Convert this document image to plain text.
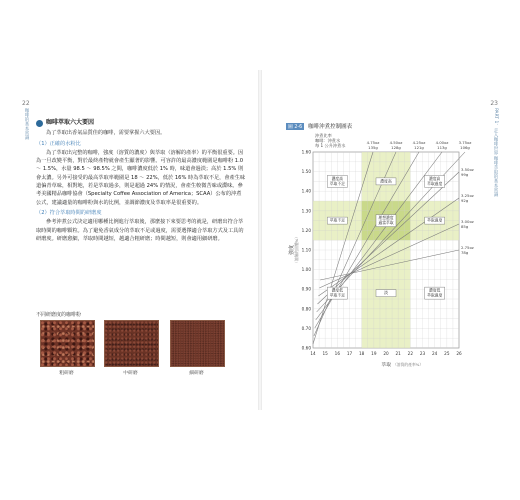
22
咖啡的基本常識	咖啡萃取六大要因

為了萃取出香氣品質佳的咖啡，需要掌握六大要因。

（1）正確的水粉比

為了萃取出完整的咖啡，強度（溶質的濃度）與萃取（溶解的產率）的平衡很重要。因為一旦改變平衡，對於最終產物就會產生顯著的影響。可容許的最高濃度範圍是咖啡粉 1.0 ～ 1.5%，水量 98.5 ～ 98.5% 之間，咖啡濃度低於 1% 時，味道會過淡；高於 1.5% 則會太濃。另外可接受的最高萃取率範圍是 18 ～ 22%，低於 16% 時為萃取不足，會產生味道偏青草味，相對地，若是萃取過多，則是超過 24% 的情況，會產生較微苦味或澀味。參考美國精品咖啡協會（Specialty Coffee Association of America；SCAA）公布的沖煮公式，建議適量的咖啡粉與水的比例，並調節濃度及萃取率是很重要的。

（2）符合萃取時間的研磨度

參考沖煮公式決定適用哪種比例進行萃取後，那麼接下來要思考的就是，研磨出符合萃取時間的咖啡顆粒。為了避免香氣成分的萃取不足或過度，需要選擇適合萃取方式及工具的研磨度。研磨愈細，萃取時間越短，越適合粗研磨；時間越短，則會適用細研磨。

不同研磨度的咖啡粉
粗研磨	中研磨	細研磨
23
PART 1．走入咖啡世界 咖啡萃取的基本常識
圖 2-6	咖啡沖煮控制圖表
沖煮比率
咖啡：沖煮水
每 1 公升沖煮水
4.75oz
135g
4.50oz
128g
4.25oz
121g
4.00oz
113g
3.75oz
106g
3.50oz
99g
3.25oz
92g
3.00oz
85g
2.75oz
78g
1.60
1.50
1.40
1.30
1.20
1.10
1.00
0.90
0.80
0.70
0.60
14 15 16 17 18 19 20 21 22 23 24 25 26
濃度高
萃取不足	濃度高	濃度高
萃取過度
萃取不足	理想濃度
適當萃取	萃取過度
濃度低
萃取不足	淡	濃度低
萃取過度
強度 （溶解的固體%）
萃取 （溶質的產率%）
